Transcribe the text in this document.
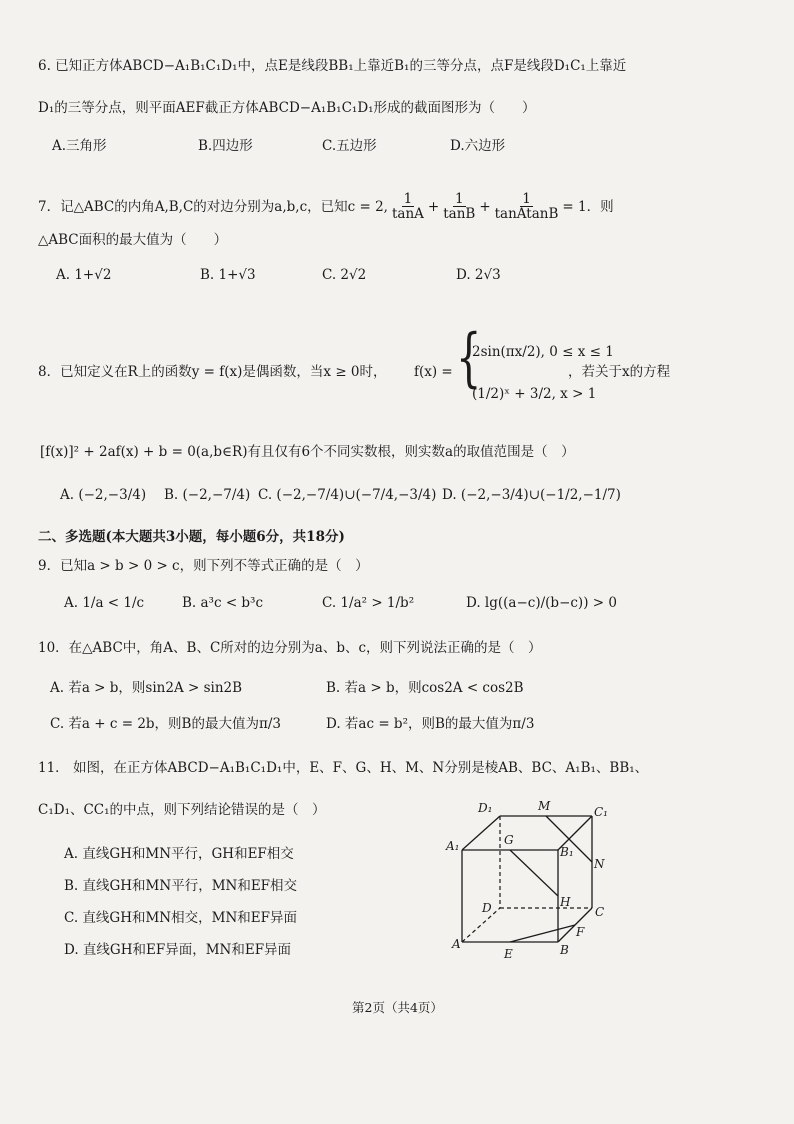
6. 已知正方体ABCD−A₁B₁C₁D₁中，点E是线段BB₁上靠近B₁的三等分点，点F是线段D₁C₁上靠近
D₁的三等分点，则平面AEF截正方体ABCD−A₁B₁C₁D₁形成的截面图形为（　　）
A.三角形	B.四边形	C.五边形	D.六边形
7．记△ABC的内角A,B,C的对边分别为a,b,c，已知c = 2, $\frac{1}{\tan A} + \frac{1}{\tan B} + \frac{1}{\text{tanAtanB}} = 1$．则
△ABC面积的最大值为（　　）
A. 1+√2	B. 1+√3	C. 2√2	D. 2√3
8．已知定义在R上的函数y = f(x)是偶函数，当x ≥ 0时， f(x) = {
2sin(πx/2), 0 ≤ x ≤ 1
(1/2)ˣ + 3/2, x > 1
，若关于x的方程
[f(x)]² + 2af(x) + b = 0(a,b∈R)有且仅有6个不同实数根，则实数a的取值范围是（　）
A. (−2,−3/4) B. (−2,−7/4) C. (−2,−7/4)∪(−7/4,−3/4) D. (−2,−3/4)∪(−1/2,−1/7)
二、多选题(本大题共3小题，每小题6分，共18分)
9．已知a > b > 0 > c，则下列不等式正确的是（　）
A. 1/a < 1/c	B. a³c < b³c	C. 1/a² > 1/b²	D. lg((a−c)/(b−c)) > 0
10．在△ABC中，角A、B、C所对的边分别为a、b、c，则下列说法正确的是（　）
A. 若a > b，则sin2A > sin2B	B. 若a > b，则cos2A < cos2B
C. 若a + c = 2b，则B的最大值为π/3	D. 若ac = b²，则B的最大值为π/3
11． 如图，在正方体ABCD−A₁B₁C₁D₁中，E、F、G、H、M、N分别是棱AB、BC、A₁B₁、BB₁、
C₁D₁、CC₁的中点，则下列结论错误的是（　）
A. 直线GH和MN平行，GH和EF相交
B. 直线GH和MN平行，MN和EF相交
C. 直线GH和MN相交，MN和EF异面
D. 直线GH和EF异面，MN和EF异面
D₁	M	C₁
A₁	G
B₁
N
H
D	C
A
F
E	B
第2页（共4页）
